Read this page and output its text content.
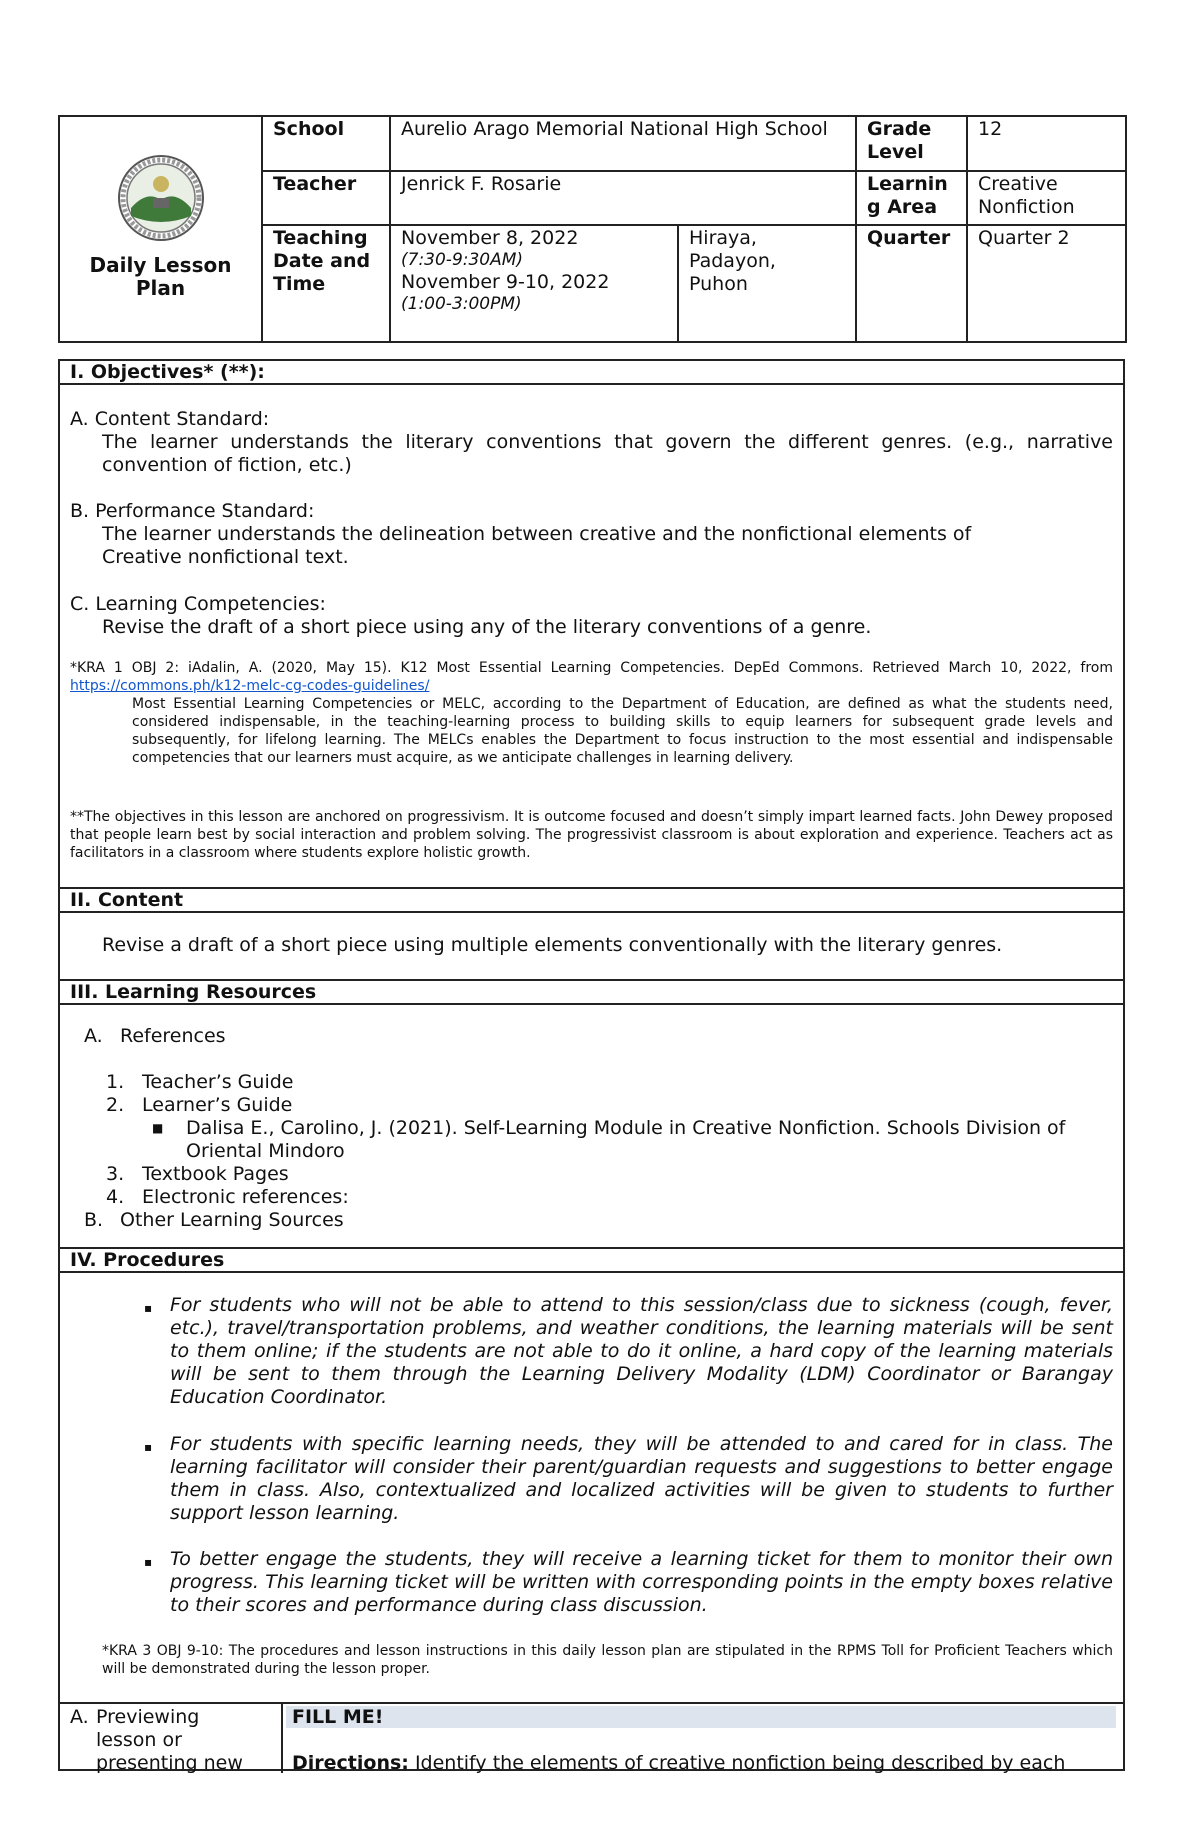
Daily Lesson Plan	School	Aurelio Arago Memorial National High School		Grade Level	12
	Teacher	Jenrick F. Rosarie		Learnin g Area	Creative Nonfiction
	Teaching Date and Time	November 8, 2022
(7:30-9:30AM)
November 9-10, 2022
(1:00-3:00PM)	Hiraya, Padayon, Puhon	Quarter	Quarter 2
I. Objectives* (**):
A. Content Standard:
The learner understands the literary conventions that govern the different genres. (e.g., narrative convention of fiction, etc.)
B. Performance Standard:
The learner understands the delineation between creative and the nonfictional elements of Creative nonfictional text.
C. Learning Competencies:
Revise the draft of a short piece using any of the literary conventions of a genre.
*KRA 1 OBJ 2: iAdalin, A. (2020, May 15). K12 Most Essential Learning Competencies. DepEd Commons. Retrieved March 10, 2022, from https://commons.ph/k12-melc-cg-codes-guidelines/
Most Essential Learning Competencies or MELC, according to the Department of Education, are defined as what the students need, considered indispensable, in the teaching-learning process to building skills to equip learners for subsequent grade levels and subsequently, for lifelong learning. The MELCs enables the Department to focus instruction to the most essential and indispensable competencies that our learners must acquire, as we anticipate challenges in learning delivery.
**The objectives in this lesson are anchored on progressivism. It is outcome focused and doesn’t simply impart learned facts. John Dewey proposed that people learn best by social interaction and problem solving. The progressivist classroom is about exploration and experience. Teachers act as facilitators in a classroom where students explore holistic growth.
II. Content
Revise a draft of a short piece using multiple elements conventionally with the literary genres.
III. Learning Resources
A. References
1. Teacher’s Guide
2. Learner’s Guide
■ Dalisa E., Carolino, J. (2021). Self-Learning Module in Creative Nonfiction. Schools Division of Oriental Mindoro
3. Textbook Pages
4. Electronic references:
B. Other Learning Sources
IV. Procedures
▪ For students who will not be able to attend to this session/class due to sickness (cough, fever, etc.), travel/transportation problems, and weather conditions, the learning materials will be sent to them online; if the students are not able to do it online, a hard copy of the learning materials will be sent to them through the Learning Delivery Modality (LDM) Coordinator or Barangay Education Coordinator.
▪ For students with specific learning needs, they will be attended to and cared for in class. The learning facilitator will consider their parent/guardian requests and suggestions to better engage them in class. Also, contextualized and localized activities will be given to students to further support lesson learning.
▪ To better engage the students, they will receive a learning ticket for them to monitor their own progress. This learning ticket will be written with corresponding points in the empty boxes relative to their scores and performance during class discussion.
*KRA 3 OBJ 9-10: The procedures and lesson instructions in this daily lesson plan are stipulated in the RPMS Toll for Proficient Teachers which will be demonstrated during the lesson proper.
A. Previewing lesson or presenting new
FILL ME!
Directions: Identify the elements of creative nonfiction being described by each
